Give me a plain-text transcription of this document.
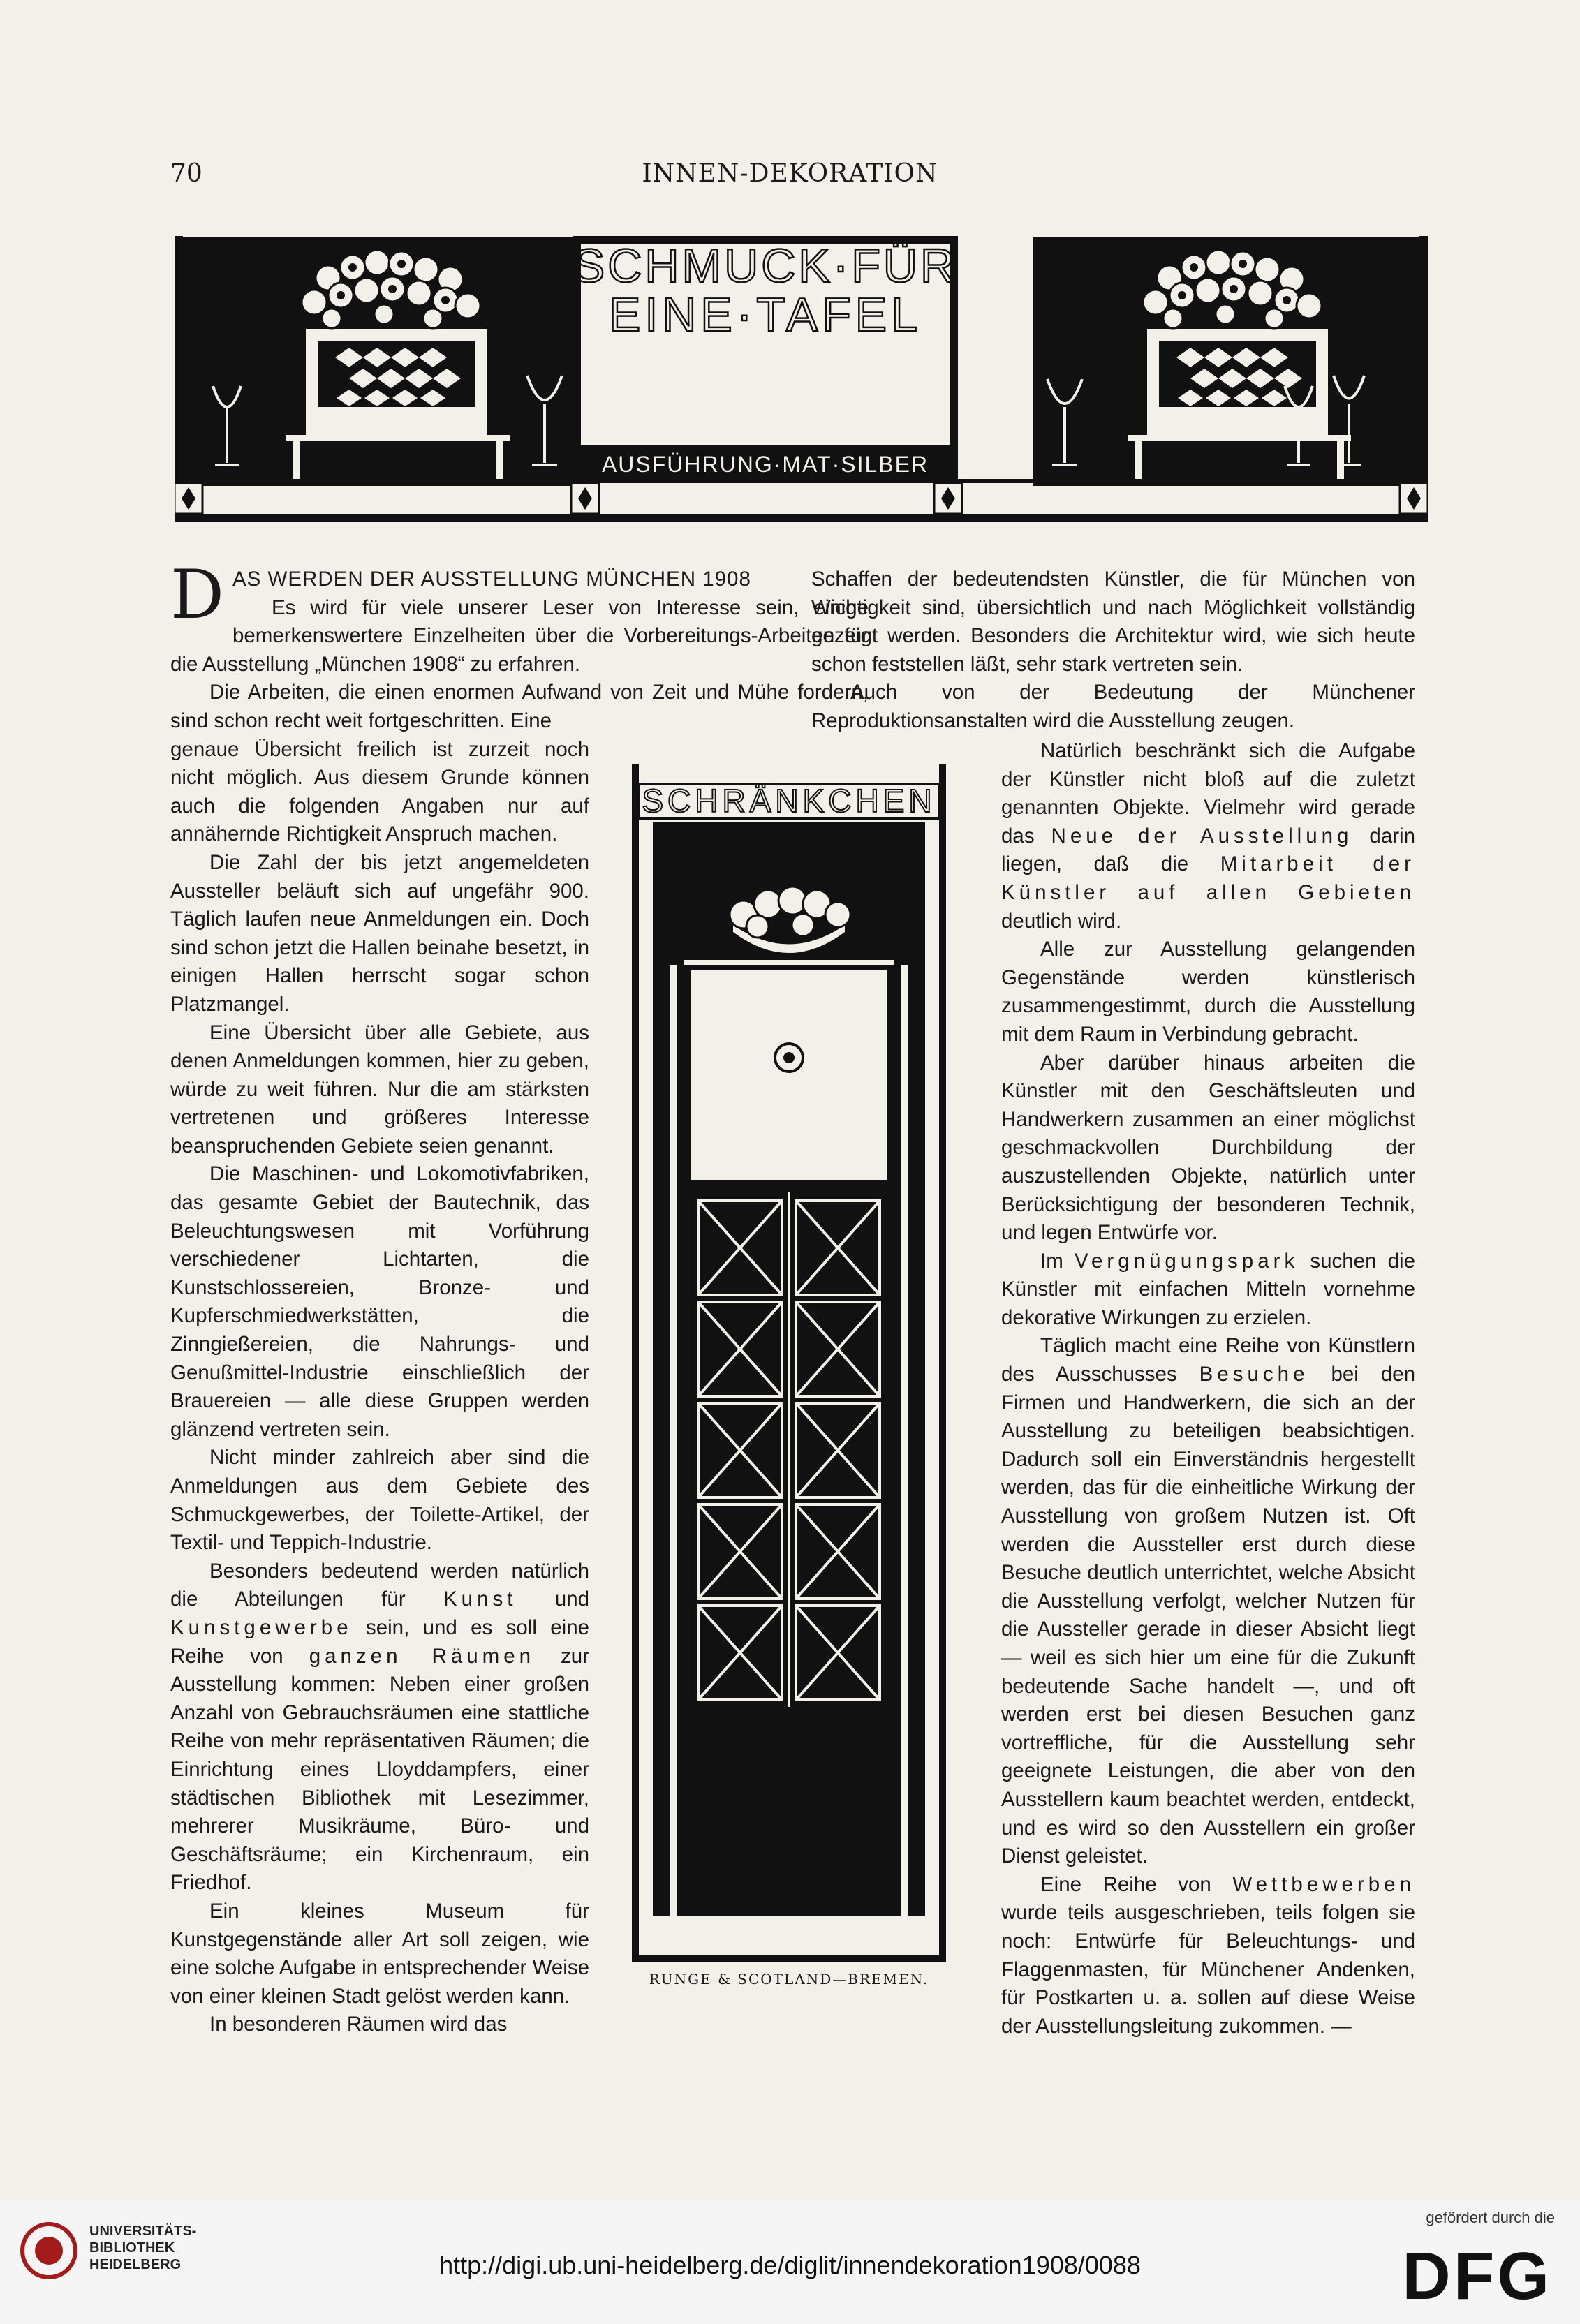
70	INNEN-DEKORATION
SCHMUCK·FÜR
EINE·TAFEL
AUSFÜHRUNG·MAT·SILBER

DAS WERDEN DER AUSSTELLUNG MÜNCHEN 1908

Es wird für viele unserer Leser von Interesse sein, einige bemerkenswertere Einzelheiten über die Vorbereitungs-Arbeiten für die Ausstellung „München 1908“ zu erfahren.

Die Arbeiten, die einen enormen Aufwand von Zeit und Mühe fordern, sind schon recht weit fortgeschritten. Eine

genaue Übersicht freilich ist zurzeit noch nicht möglich. Aus diesem Grunde können auch die folgenden Angaben nur auf annähernde Richtigkeit Anspruch machen.

Die Zahl der bis jetzt angemeldeten Aussteller beläuft sich auf ungefähr 900. Täglich laufen neue Anmeldungen ein. Doch sind schon jetzt die Hallen beinahe besetzt, in einigen Hallen herrscht sogar schon Platzmangel.

Eine Übersicht über alle Gebiete, aus denen Anmeldungen kommen, hier zu geben, würde zu weit führen. Nur die am stärksten vertretenen und größeres Interesse beanspruchenden Gebiete seien genannt.

Die Maschinen- und Lokomotivfabriken, das gesamte Gebiet der Bautechnik, das Beleuchtungswesen mit Vorführung verschiedener Lichtarten, die Kunstschlossereien, Bronze- und Kupferschmiedwerkstätten, die Zinngießereien, die Nahrungs- und Genußmittel-Industrie einschließlich der Brauereien — alle diese Gruppen werden glänzend vertreten sein.

Nicht minder zahlreich aber sind die Anmeldungen aus dem Gebiete des Schmuckgewerbes, der Toilette-Artikel, der Textil- und Teppich-Industrie.

Besonders bedeutend werden natürlich die Abteilungen für Kunst und Kunstgewerbe sein, und es soll eine Reihe von ganzen Räumen zur Ausstellung kommen: Neben einer großen Anzahl von Gebrauchsräumen eine stattliche Reihe von mehr repräsentativen Räumen; die Einrichtung eines Lloyddampfers, einer städtischen Bibliothek mit Lesezimmer, mehrerer Musikräume, Büro- und Geschäftsräume; ein Kirchenraum, ein Friedhof.

Ein kleines Museum für Kunstgegenstände aller Art soll zeigen, wie eine solche Aufgabe in entsprechender Weise von einer kleinen Stadt gelöst werden kann.

In besonderen Räumen wird das

Schaffen der bedeutendsten Künstler, die für München von Wichtigkeit sind, übersichtlich und nach Möglichkeit vollständig gezeigt werden. Besonders die Architektur wird, wie sich heute schon feststellen läßt, sehr stark vertreten sein.

Auch von der Bedeutung der Münchener Reproduktionsanstalten wird die Ausstellung zeugen.

Natürlich beschränkt sich die Aufgabe der Künstler nicht bloß auf die zuletzt genannten Objekte. Vielmehr wird gerade das Neue der Ausstellung darin liegen, daß die Mitarbeit der Künstler auf allen Gebieten deutlich wird.

Alle zur Ausstellung gelangenden Gegenstände werden künstlerisch zusammengestimmt, durch die Ausstellung mit dem Raum in Verbindung gebracht.

Aber darüber hinaus arbeiten die Künstler mit den Geschäftsleuten und Handwerkern zusammen an einer möglichst geschmackvollen Durchbildung der auszustellenden Objekte, natürlich unter Berücksichtigung der besonderen Technik, und legen Entwürfe vor.

Im Vergnügungspark suchen die Künstler mit einfachen Mitteln vornehme dekorative Wirkungen zu erzielen.

Täglich macht eine Reihe von Künstlern des Ausschusses Besuche bei den Firmen und Handwerkern, die sich an der Ausstellung zu beteiligen beabsichtigen. Dadurch soll ein Einverständnis hergestellt werden, das für die einheitliche Wirkung der Ausstellung von großem Nutzen ist. Oft werden die Aussteller erst durch diese Besuche deutlich unterrichtet, welche Absicht die Ausstellung verfolgt, welcher Nutzen für die Aussteller gerade in dieser Absicht liegt — weil es sich hier um eine für die Zukunft bedeutende Sache handelt —, und oft werden erst bei diesen Besuchen ganz vortreffliche, für die Ausstellung sehr geeignete Leistungen, die aber von den Ausstellern kaum beachtet werden, entdeckt, und es wird so den Ausstellern ein großer Dienst geleistet.

Eine Reihe von Wettbewerben wurde teils ausgeschrieben, teils folgen sie noch: Entwürfe für Beleuchtungs- und Flaggenmasten, für Münchener Andenken, für Postkarten u. a. sollen auf diese Weise der Ausstellungsleitung zukommen. —

SCHRÄNKCHEN
RUNGE & SCOTLAND—BREMEN.
UNIVERSITÄTS-
BIBLIOTHEK
HEIDELBERG	http://digi.ub.uni-heidelberg.de/diglit/innendekoration1908/0088
gefördert durch die
DFG
